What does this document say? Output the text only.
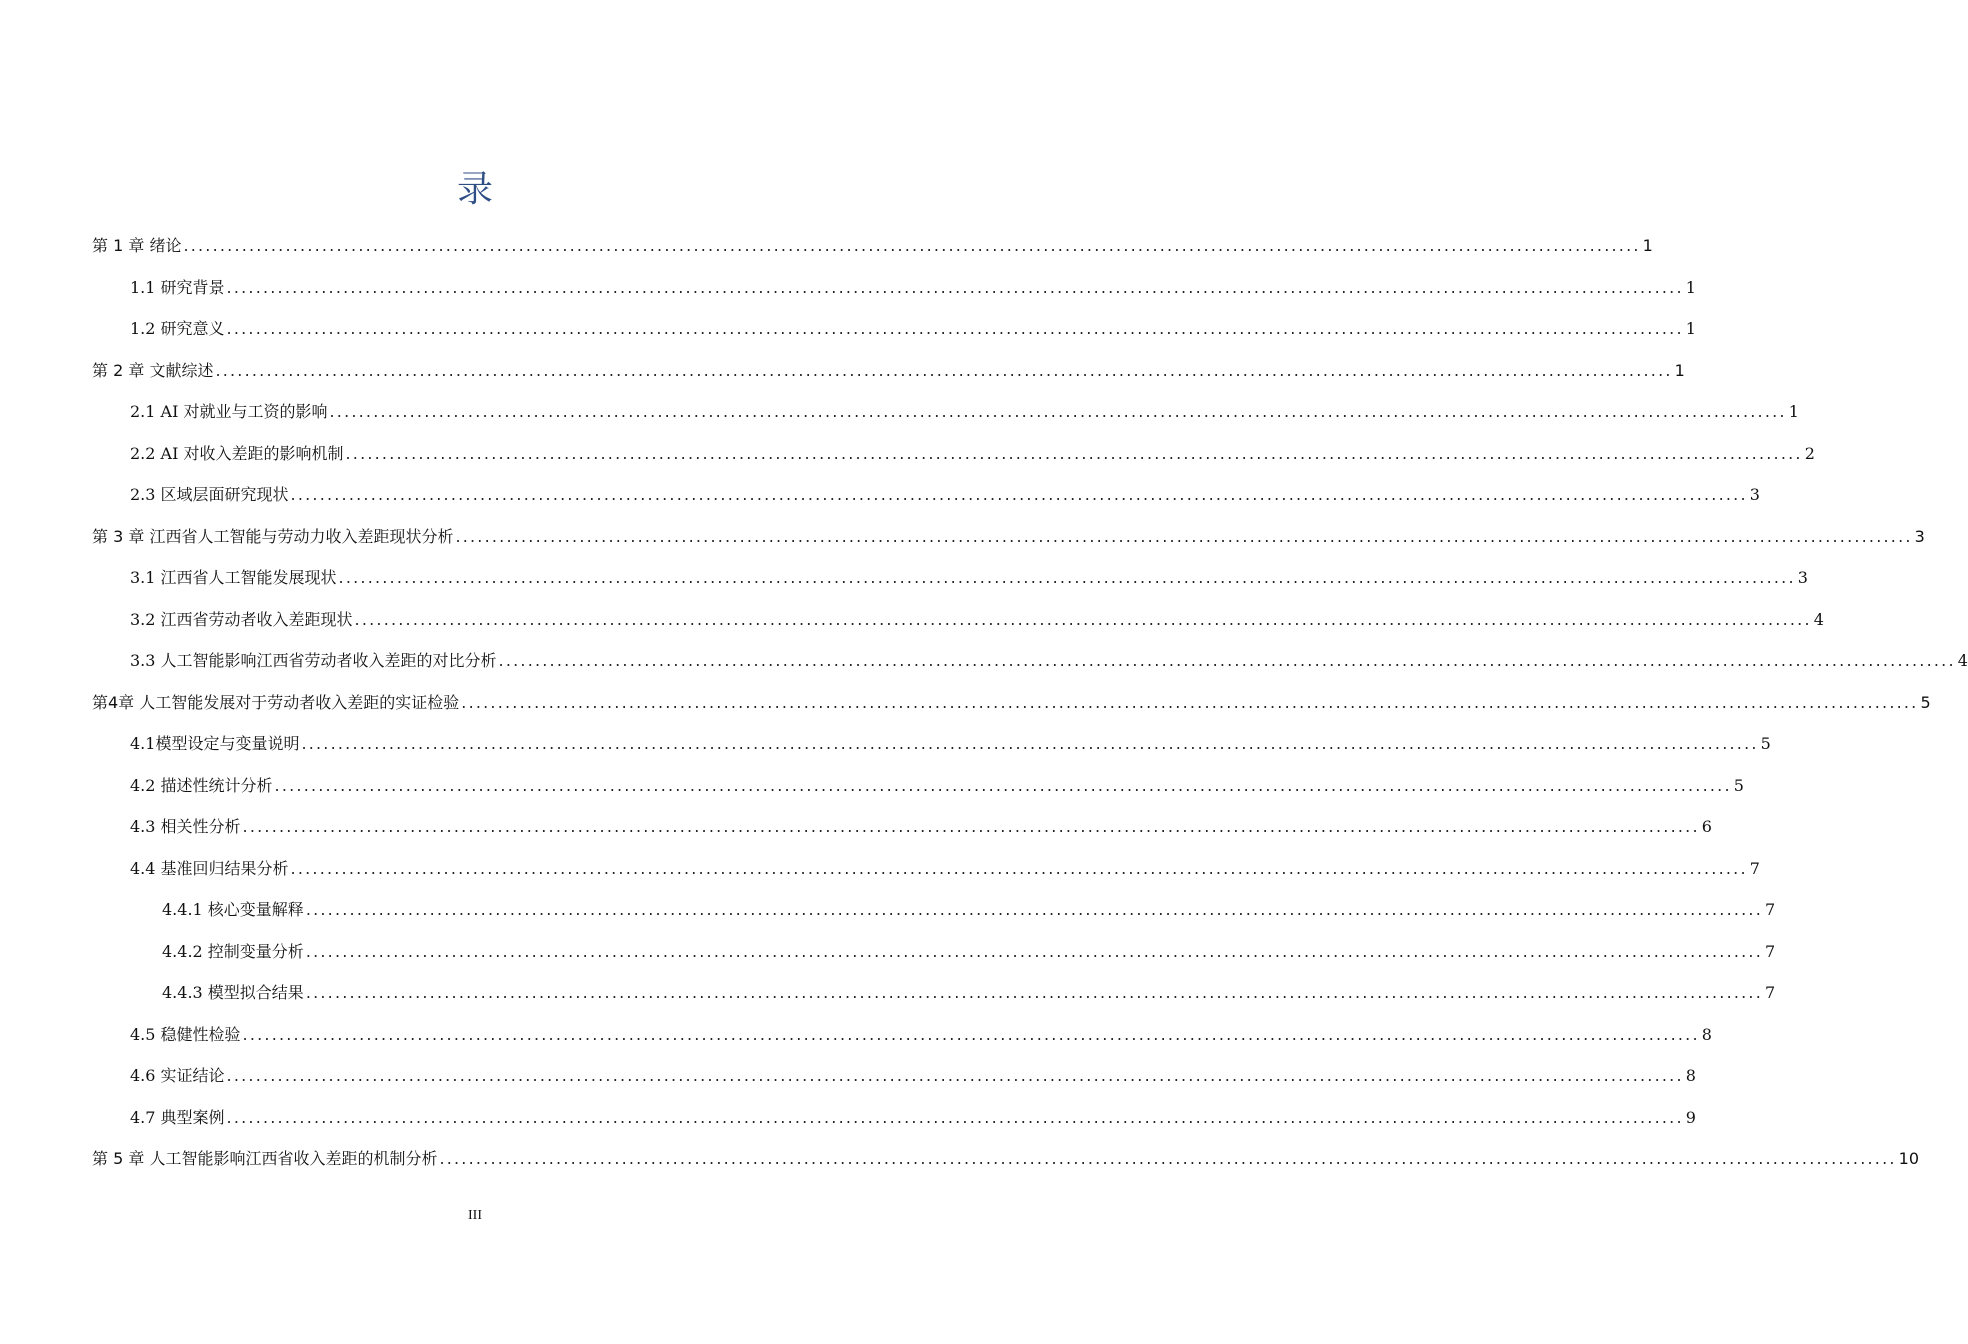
录
第 1 章 绪论 ........................................................................................................................................................................................................ 1
1.1 研究背景 ........................................................................................................................................................................................................ 1
1.2 研究意义 ........................................................................................................................................................................................................ 1
第 2 章 文献综述 ........................................................................................................................................................................................................ 1
2.1 AI 对就业与工资的影响 ........................................................................................................................................................................................................ 1
2.2 AI 对收入差距的影响机制 ........................................................................................................................................................................................................ 2
2.3 区域层面研究现状 ........................................................................................................................................................................................................ 3
第 3 章 江西省人工智能与劳动力收入差距现状分析 ........................................................................................................................................................................................................ 3
3.1 江西省人工智能发展现状 ........................................................................................................................................................................................................ 3
3.2 江西省劳动者收入差距现状 ........................................................................................................................................................................................................ 4
3.3 人工智能影响江西省劳动者收入差距的对比分析 ........................................................................................................................................................................................................ 4
第4章 人工智能发展对于劳动者收入差距的实证检验 ........................................................................................................................................................................................................ 5
4.1模型设定与变量说明 ........................................................................................................................................................................................................ 5
4.2 描述性统计分析 ........................................................................................................................................................................................................ 5
4.3 相关性分析 ........................................................................................................................................................................................................ 6
4.4 基准回归结果分析 ........................................................................................................................................................................................................ 7
4.4.1 核心变量解释 ........................................................................................................................................................................................................ 7
4.4.2 控制变量分析 ........................................................................................................................................................................................................ 7
4.4.3 模型拟合结果 ........................................................................................................................................................................................................ 7
4.5 稳健性检验 ........................................................................................................................................................................................................ 8
4.6 实证结论 ........................................................................................................................................................................................................ 8
4.7 典型案例 ........................................................................................................................................................................................................ 9
第 5 章 人工智能影响江西省收入差距的机制分析 ........................................................................................................................................................................................................ 10
III
